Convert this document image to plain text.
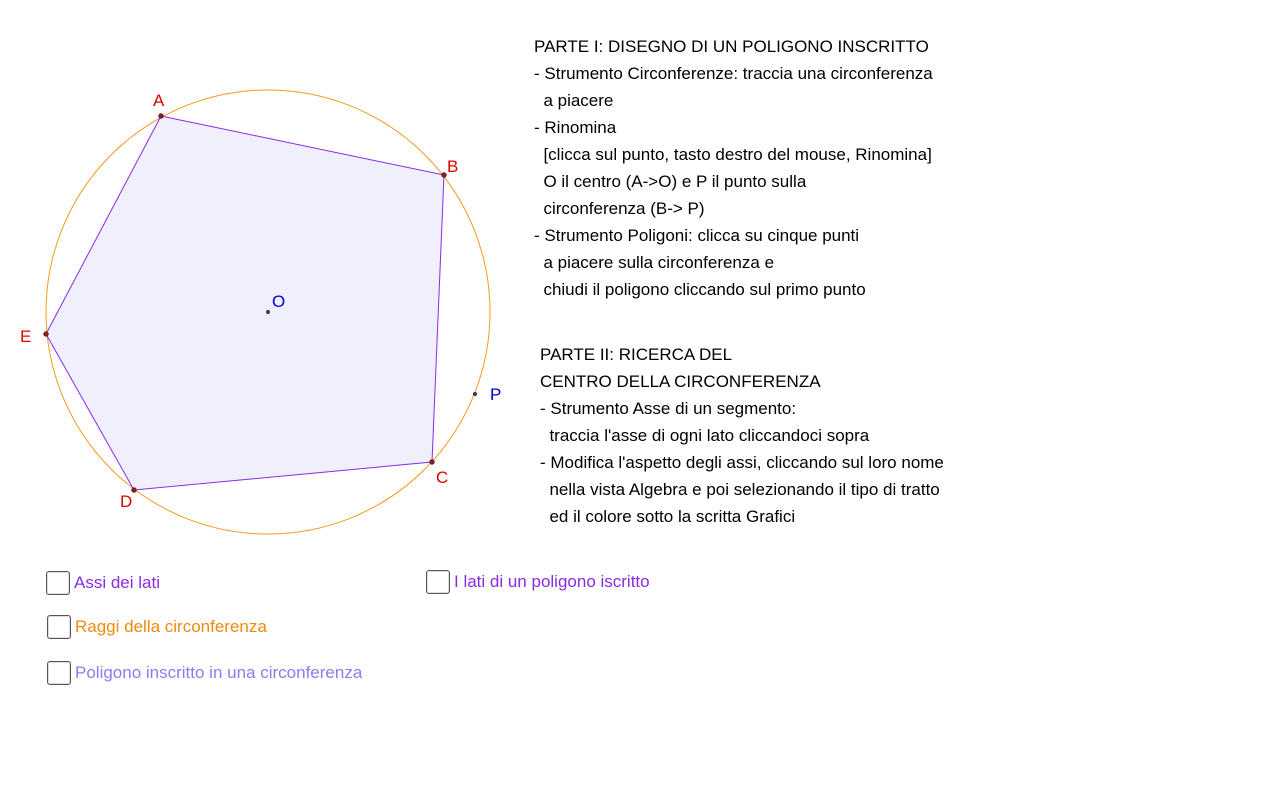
A
B
C
D
E
O
P
PARTE I: DISEGNO DI UN POLIGONO INSCRITTO
- Strumento Circonferenze: traccia una circonferenza
a piacere
- Rinomina
[clicca sul punto, tasto destro del mouse, Rinomina]
O il centro (A->O) e P il punto sulla
circonferenza (B-> P)
- Strumento Poligoni: clicca su cinque punti
a piacere sulla circonferenza e
chiudi il poligono cliccando sul primo punto
PARTE II: RICERCA DEL
CENTRO DELLA CIRCONFERENZA
- Strumento Asse di un segmento:
traccia l'asse di ogni lato cliccandoci sopra
- Modifica l'aspetto degli assi, cliccando sul loro nome
nella vista Algebra e poi selezionando il tipo di tratto
ed il colore sotto la scritta Grafici
Assi dei lati	I lati di un poligono iscritto
Raggi della circonferenza
Poligono inscritto in una circonferenza
